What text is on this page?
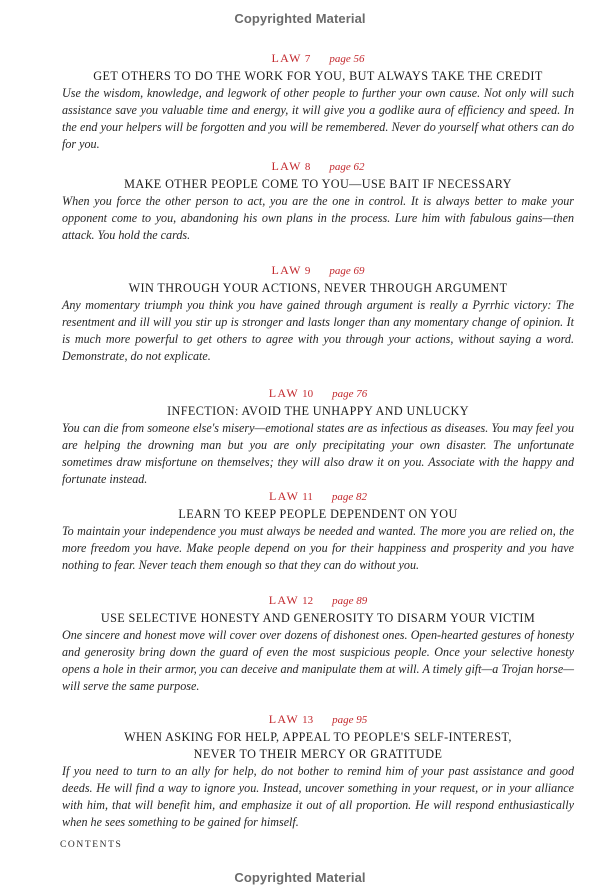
Copyrighted Material
LAW 7 page 56
GET OTHERS TO DO THE WORK FOR YOU, BUT ALWAYS TAKE THE CREDIT

Use the wisdom, knowledge, and legwork of other people to further your own cause. Not only will such assistance save you valuable time and energy, it will give you a godlike aura of efficiency and speed. In the end your helpers will be forgotten and you will be remembered. Never do yourself what others can do for you.

LAW 8 page 62
MAKE OTHER PEOPLE COME TO YOU—USE BAIT IF NECESSARY

When you force the other person to act, you are the one in control. It is always better to make your opponent come to you, abandoning his own plans in the process. Lure him with fabulous gains—then attack. You hold the cards.

LAW 9 page 69
WIN THROUGH YOUR ACTIONS, NEVER THROUGH ARGUMENT

Any momentary triumph you think you have gained through argument is really a Pyrrhic victory: The resentment and ill will you stir up is stronger and lasts longer than any momentary change of opinion. It is much more powerful to get others to agree with you through your actions, without saying a word. Demonstrate, do not explicate.

LAW 10 page 76
INFECTION: AVOID THE UNHAPPY AND UNLUCKY

You can die from someone else's misery—emotional states are as infectious as diseases. You may feel you are helping the drowning man but you are only precipitating your own disaster. The unfortunate sometimes draw misfortune on themselves; they will also draw it on you. Associate with the happy and fortunate instead.

LAW 11 page 82
LEARN TO KEEP PEOPLE DEPENDENT ON YOU

To maintain your independence you must always be needed and wanted. The more you are relied on, the more freedom you have. Make people depend on you for their happiness and prosperity and you have nothing to fear. Never teach them enough so that they can do without you.

LAW 12 page 89
USE SELECTIVE HONESTY AND GENEROSITY TO DISARM YOUR VICTIM

One sincere and honest move will cover over dozens of dishonest ones. Open-hearted gestures of honesty and generosity bring down the guard of even the most suspicious people. Once your selective honesty opens a hole in their armor, you can deceive and manipulate them at will. A timely gift—a Trojan horse—will serve the same purpose.

LAW 13 page 95
WHEN ASKING FOR HELP, APPEAL TO PEOPLE'S SELF-INTEREST,
NEVER TO THEIR MERCY OR GRATITUDE

If you need to turn to an ally for help, do not bother to remind him of your past assistance and good deeds. He will find a way to ignore you. Instead, uncover something in your request, or in your alliance with him, that will benefit him, and emphasize it out of all proportion. He will respond enthusiastically when he sees something to be gained for himself.

CONTENTS
Copyrighted Material
